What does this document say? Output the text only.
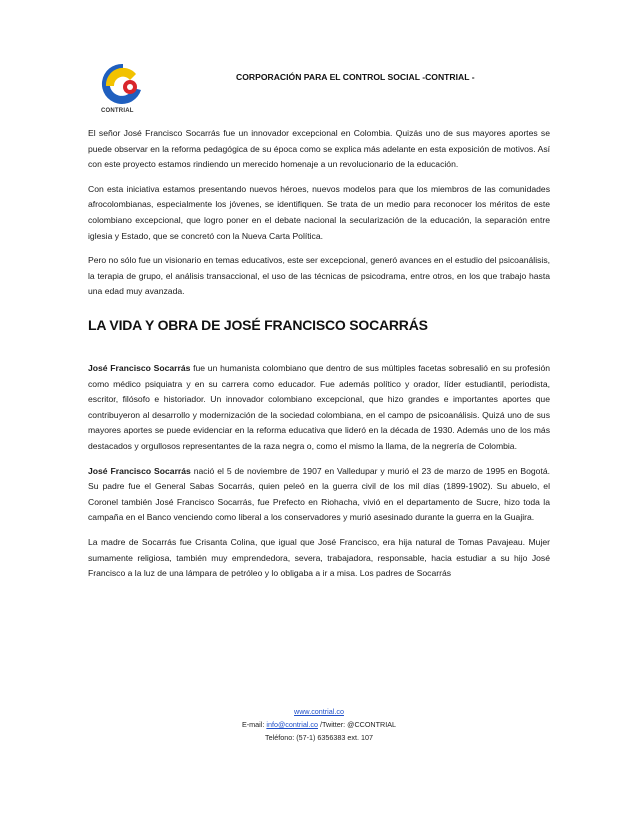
CONTRIAL
CORPORACIÓN PARA EL CONTROL SOCIAL -CONTRIAL -

El señor José Francisco Socarrás fue un innovador excepcional en Colombia. Quizás uno de sus mayores aportes se puede observar en la reforma pedagógica de su época como se explica más adelante en esta exposición de motivos. Así con este proyecto estamos rindiendo un merecido homenaje a un revolucionario de la educación.

Con esta iniciativa estamos presentando nuevos héroes, nuevos modelos para que los miembros de las comunidades afrocolombianas, especialmente los jóvenes, se identifiquen. Se trata de un medio para reconocer los méritos de este colombiano excepcional, que logro poner en el debate nacional la secularización de la educación, la separación entre iglesia y Estado, que se concretó con la Nueva Carta Política.

Pero no sólo fue un visionario en temas educativos, este ser excepcional, generó avances en el estudio del psicoanálisis, la terapia de grupo, el análisis transaccional, el uso de las técnicas de psicodrama, entre otros, en los que trabajo hasta una edad muy avanzada.

LA VIDA Y OBRA DE JOSÉ FRANCISCO SOCARRÁS

José Francisco Socarrás fue un humanista colombiano que dentro de sus múltiples facetas sobresalió en su profesión como médico psiquiatra y en su carrera como educador. Fue además político y orador, líder estudiantil, periodista, escritor, filósofo e historiador. Un innovador colombiano excepcional, que hizo grandes e importantes aportes que contribuyeron al desarrollo y modernización de la sociedad colombiana, en el campo de psicoanálisis. Quizá uno de sus mayores aportes se puede evidenciar en la reforma educativa que lideró en la década de 1930. Además uno de los más destacados y orgullosos representantes de la raza negra o, como el mismo la llama, de la negrería de Colombia.

José Francisco Socarrás nació el 5 de noviembre de 1907 en Valledupar y murió el 23 de marzo de 1995 en Bogotá. Su padre fue el General Sabas Socarrás, quien peleó en la guerra civil de los mil días (1899-1902). Su abuelo, el Coronel también José Francisco Socarrás, fue Prefecto en Riohacha, vivió en el departamento de Sucre, hizo toda la campaña en el Banco venciendo como liberal a los conservadores y murió asesinado durante la guerra en la Guajira.

La madre de Socarrás fue Crisanta Colina, que igual que José Francisco, era hija natural de Tomas Pavajeau. Mujer sumamente religiosa, también muy emprendedora, severa, trabajadora, responsable, hacia estudiar a su hijo José Francisco a la luz de una lámpara de petróleo y lo obligaba a ir a misa. Los padres de Socarrás

www.contrial.co
E-mail: info@contrial.co /Twitter: @CCONTRIAL
Teléfono: (57-1) 6356383 ext. 107
